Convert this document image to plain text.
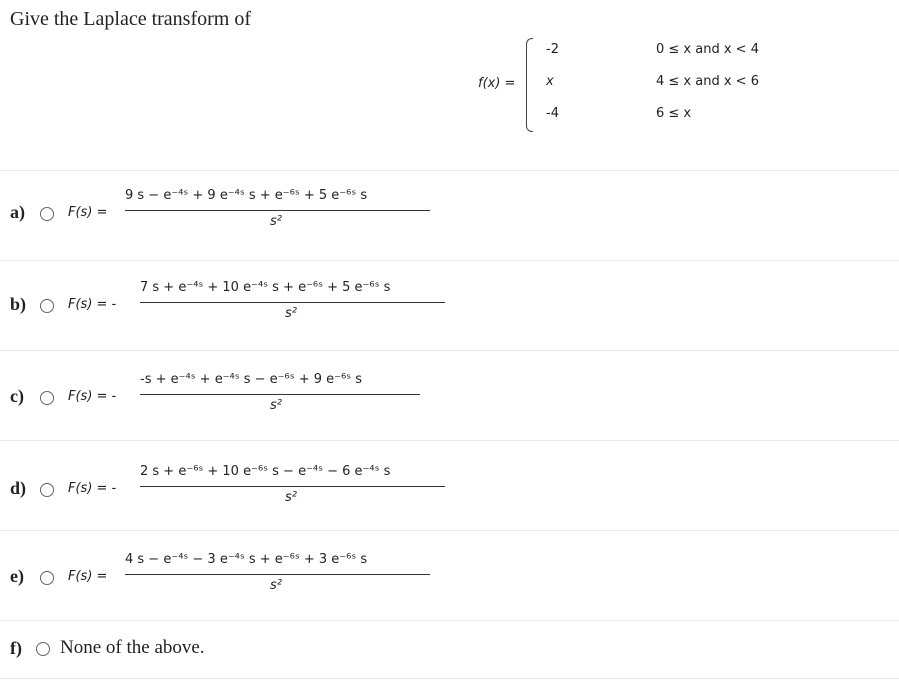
Give the Laplace transform of
f(x) =
-2	0 ≤ x and x < 4
x	4 ≤ x and x < 6
-4	6 ≤ x
a)	F(s) =
9 s − e⁻⁴ˢ + 9 e⁻⁴ˢ s + e⁻⁶ˢ + 5 e⁻⁶ˢ s
s²
b)	F(s) = -
7 s + e⁻⁴ˢ + 10 e⁻⁴ˢ s + e⁻⁶ˢ + 5 e⁻⁶ˢ s
s²
c)	F(s) = -
-s + e⁻⁴ˢ + e⁻⁴ˢ s − e⁻⁶ˢ + 9 e⁻⁶ˢ s
s²
d)	F(s) = -
2 s + e⁻⁶ˢ + 10 e⁻⁶ˢ s − e⁻⁴ˢ − 6 e⁻⁴ˢ s
s²
e)	F(s) =
4 s − e⁻⁴ˢ − 3 e⁻⁴ˢ s + e⁻⁶ˢ + 3 e⁻⁶ˢ s
s²
f) None of the above.
